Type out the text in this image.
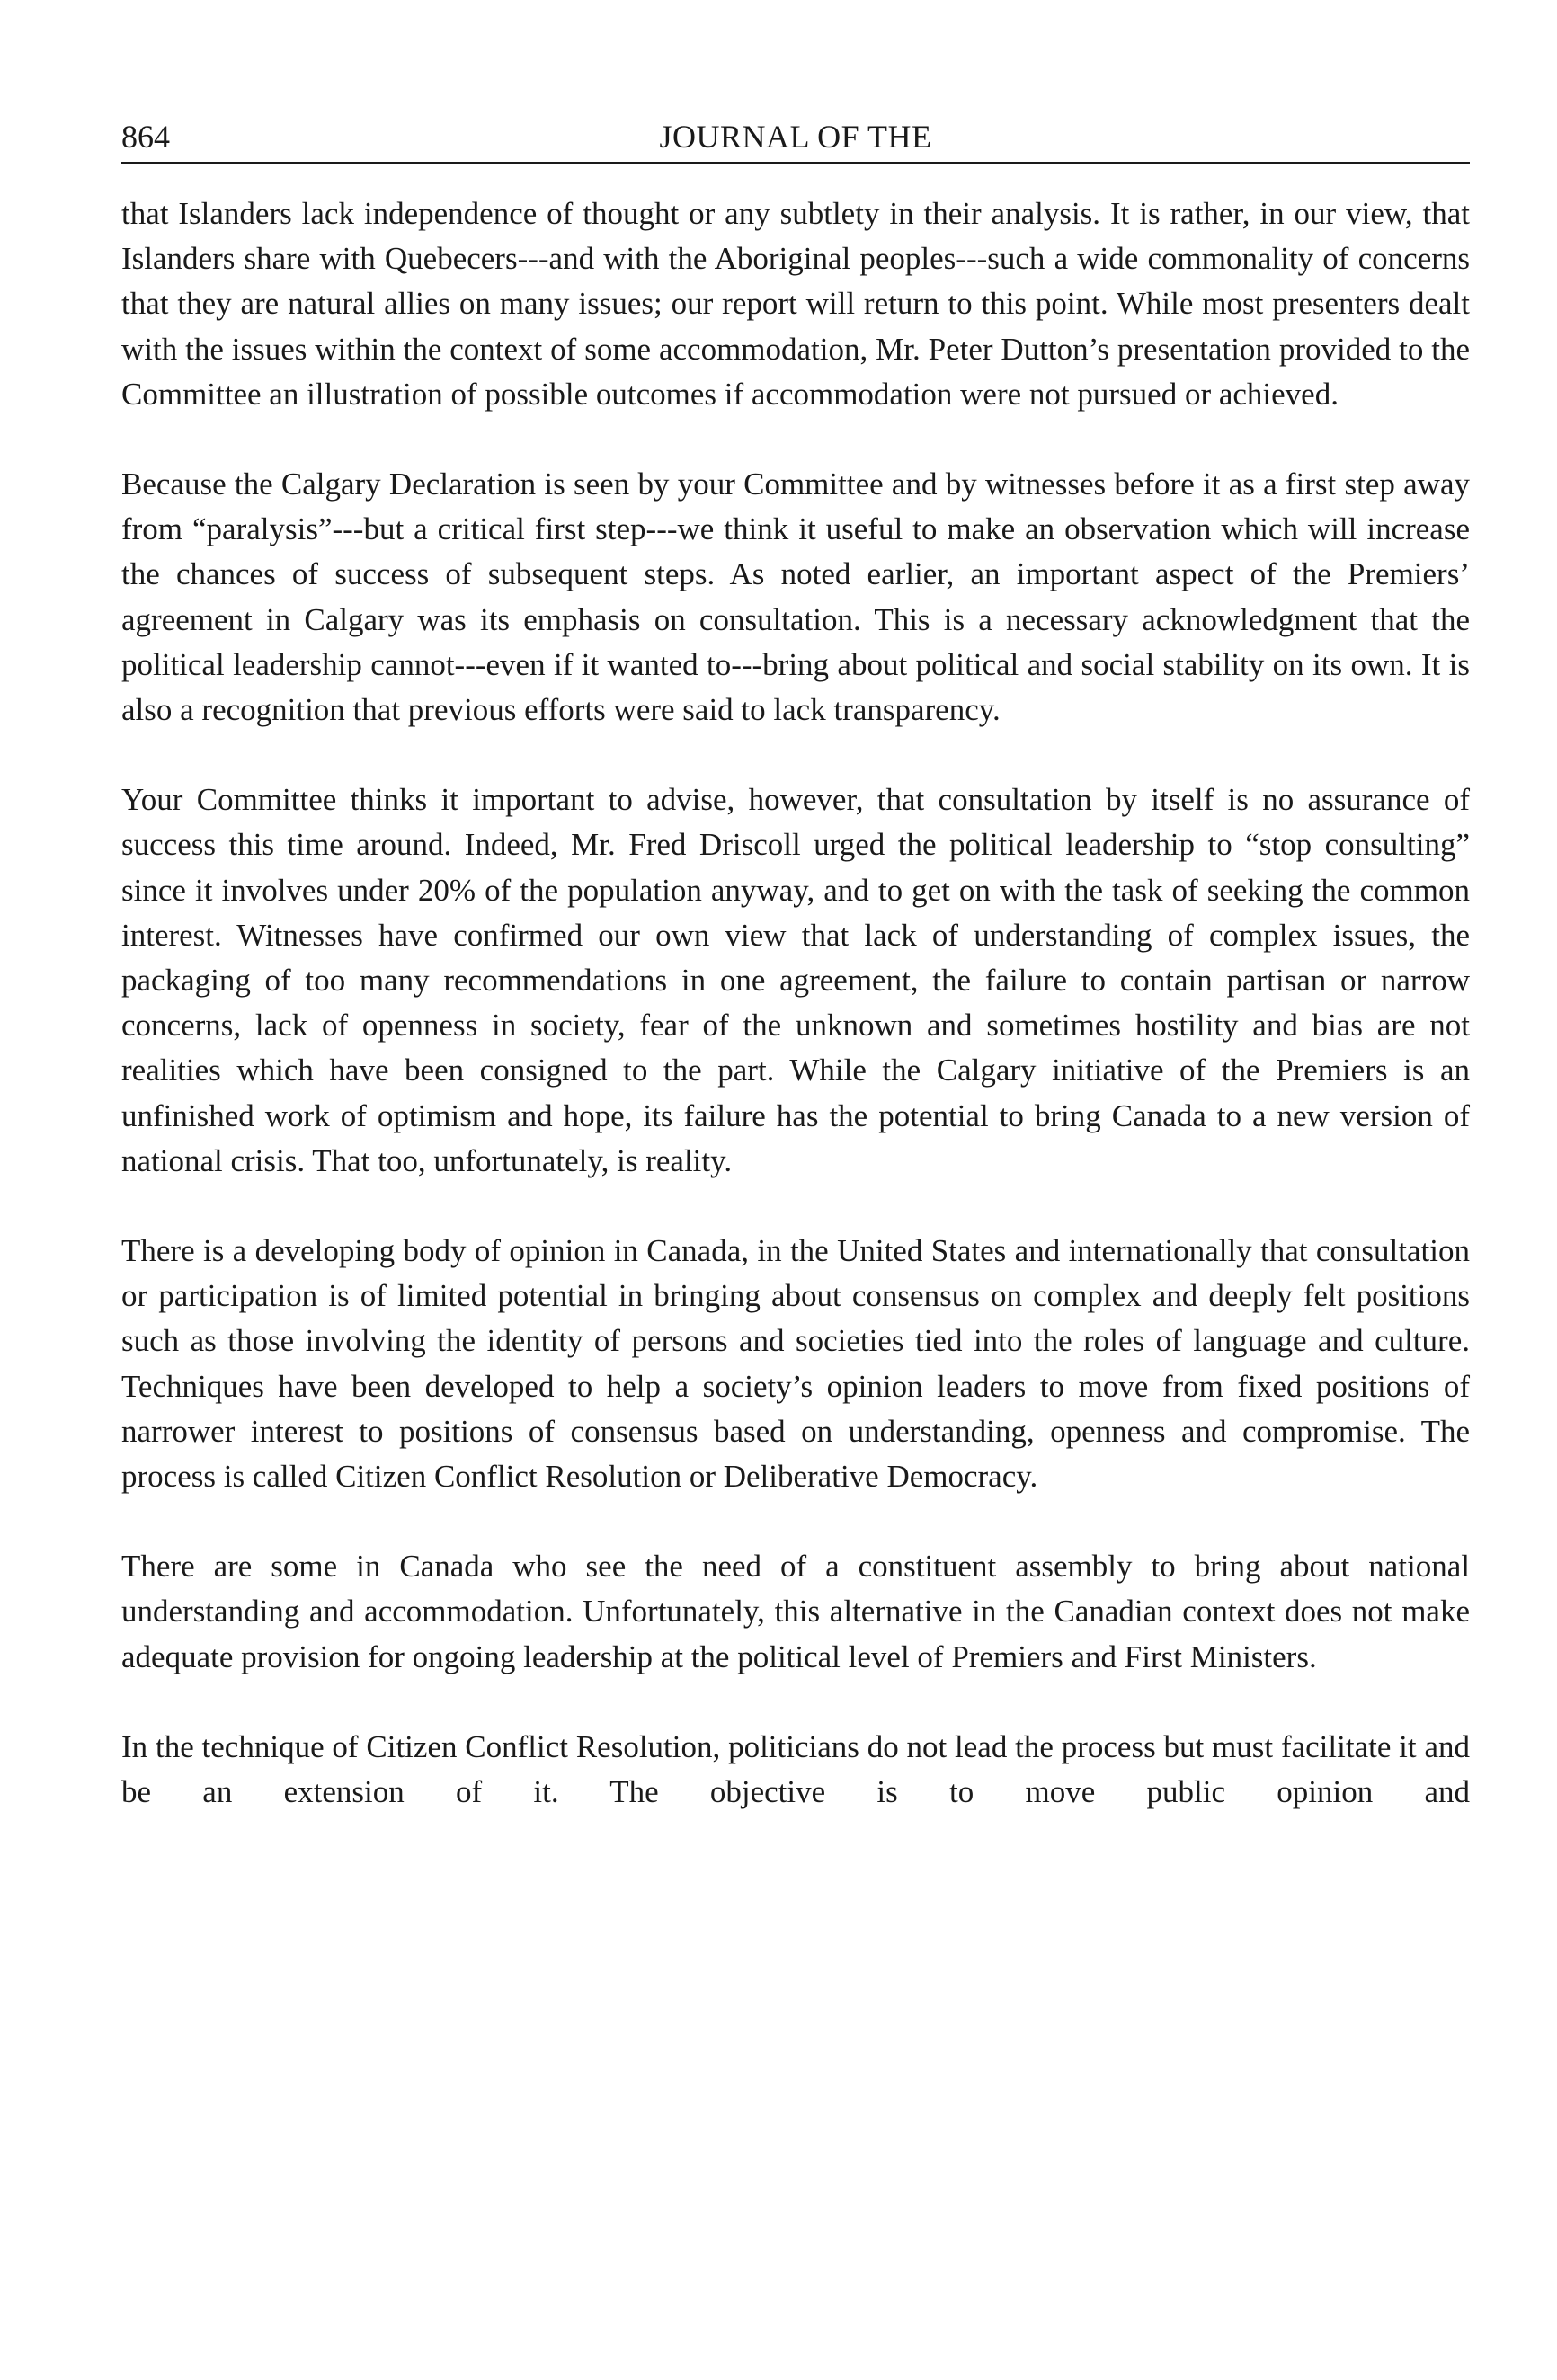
864	JOURNAL OF THE

that Islanders lack independence of thought or any subtlety in their analysis. It is rather, in our view, that Islanders share with Quebecers---and with the Aboriginal peoples---such a wide commonality of concerns that they are natural allies on many issues; our report will return to this point. While most presenters dealt with the issues within the context of some accommodation, Mr. Peter Dutton’s presentation provided to the Committee an illustration of possible outcomes if accommodation were not pursued or achieved.

Because the Calgary Declaration is seen by your Committee and by witnesses before it as a first step away from “paralysis”---but a critical first step---we think it useful to make an observation which will increase the chances of success of subsequent steps. As noted earlier, an important aspect of the Premiers’ agreement in Calgary was its emphasis on consultation. This is a necessary acknowledgment that the political leadership cannot---even if it wanted to---bring about political and social stability on its own. It is also a recognition that previous efforts were said to lack transparency.

Your Committee thinks it important to advise, however, that consultation by itself is no assurance of success this time around. Indeed, Mr. Fred Driscoll urged the political leadership to “stop consulting” since it involves under 20% of the population anyway, and to get on with the task of seeking the common interest. Witnesses have confirmed our own view that lack of understanding of complex issues, the packaging of too many recommendations in one agreement, the failure to contain partisan or narrow concerns, lack of openness in society, fear of the unknown and sometimes hostility and bias are not realities which have been consigned to the part. While the Calgary initiative of the Premiers is an unfinished work of optimism and hope, its failure has the potential to bring Canada to a new version of national crisis. That too, unfortunately, is reality.

There is a developing body of opinion in Canada, in the United States and internationally that consultation or participation is of limited potential in bringing about consensus on complex and deeply felt positions such as those involving the identity of persons and societies tied into the roles of language and culture. Techniques have been developed to help a society’s opinion leaders to move from fixed positions of narrower interest to positions of consensus based on understanding, openness and compromise. The process is called Citizen Conflict Resolution or Deliberative Democracy.

There are some in Canada who see the need of a constituent assembly to bring about national understanding and accommodation. Unfortunately, this alternative in the Canadian context does not make adequate provision for ongoing leadership at the political level of Premiers and First Ministers.

In the technique of Citizen Conflict Resolution, politicians do not lead the process but must facilitate it and be an extension of it. The objective is to move public opinion and
